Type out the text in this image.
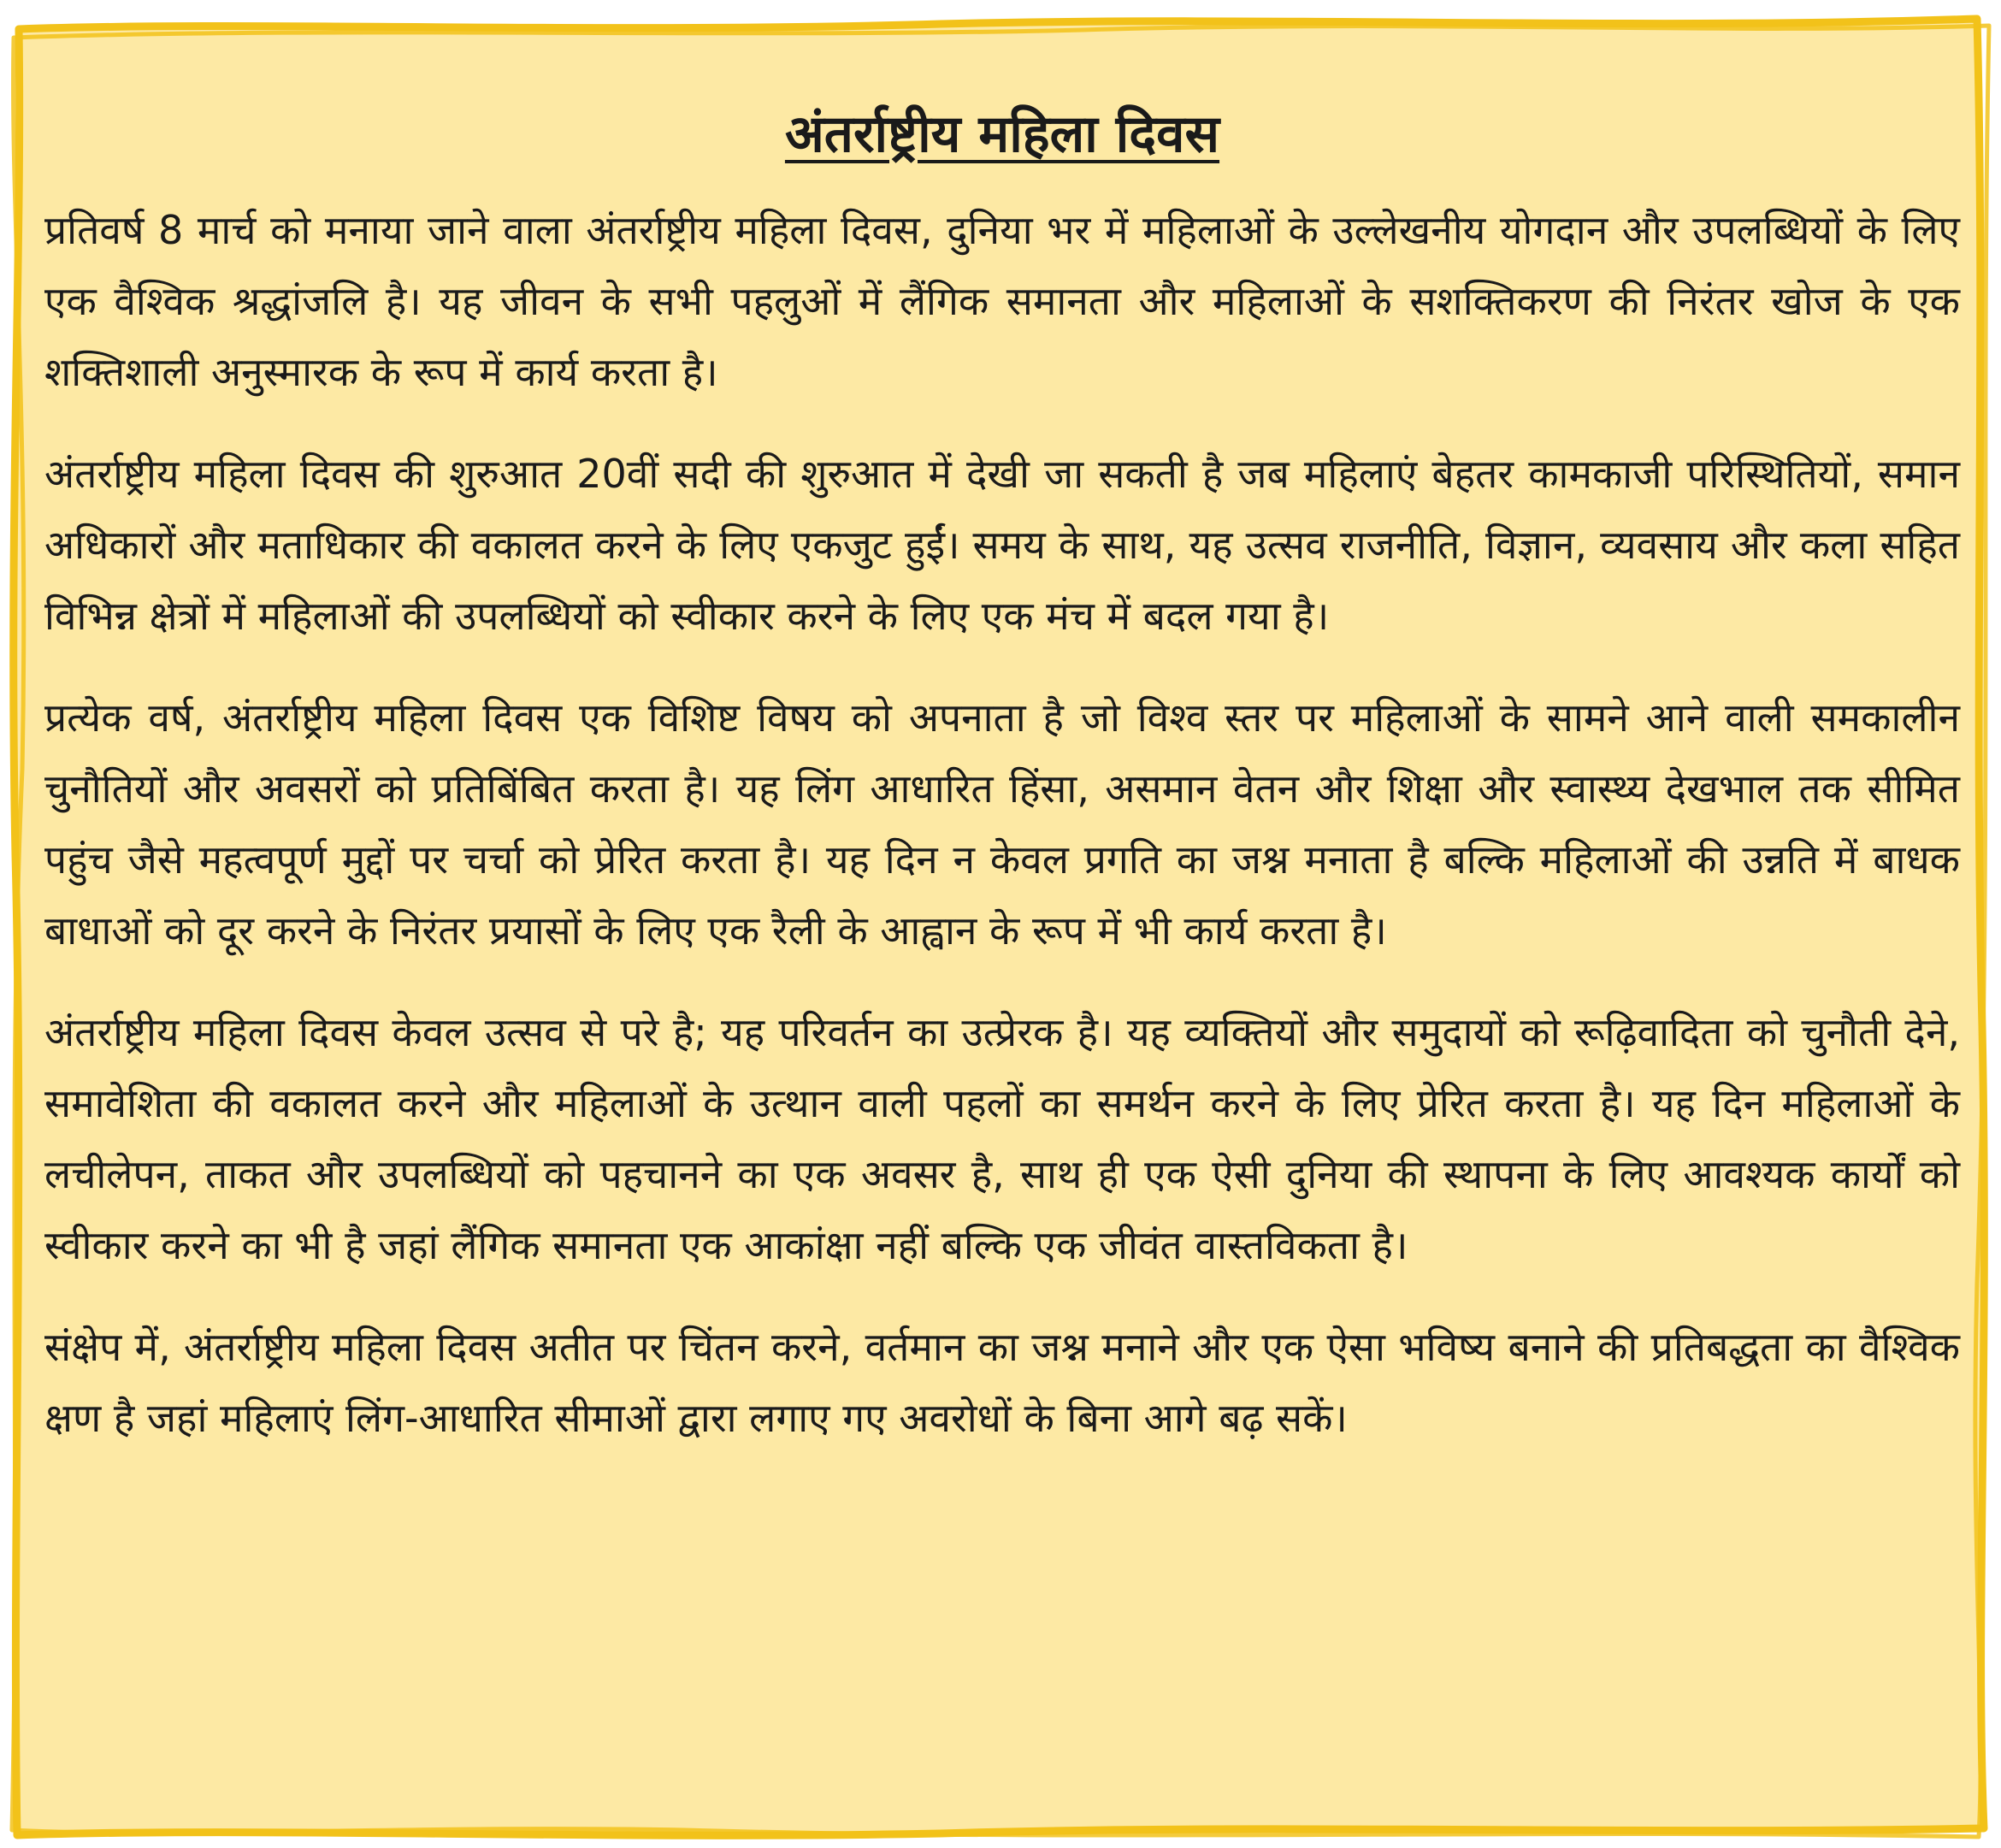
अंतर्राष्ट्रीय महिला दिवस

प्रतिवर्ष 8 मार्च को मनाया जाने वाला अंतर्राष्ट्रीय महिला दिवस, दुनिया भर में महिलाओं के उल्लेखनीय योगदान और उपलब्धियों के लिए एक वैश्विक श्रद्धांजलि है। यह जीवन के सभी पहलुओं में लैंगिक समानता और महिलाओं के सशक्तिकरण की निरंतर खोज के एक शक्तिशाली अनुस्मारक के रूप में कार्य करता है।

अंतर्राष्ट्रीय महिला दिवस की शुरुआत 20वीं सदी की शुरुआत में देखी जा सकती है जब महिलाएं बेहतर कामकाजी परिस्थितियों, समान अधिकारों और मताधिकार की वकालत करने के लिए एकजुट हुईं। समय के साथ, यह उत्सव राजनीति, विज्ञान, व्यवसाय और कला सहित विभिन्न क्षेत्रों में महिलाओं की उपलब्धियों को स्वीकार करने के लिए एक मंच में बदल गया है।

प्रत्येक वर्ष, अंतर्राष्ट्रीय महिला दिवस एक विशिष्ट विषय को अपनाता है जो विश्व स्तर पर महिलाओं के सामने आने वाली समकालीन चुनौतियों और अवसरों को प्रतिबिंबित करता है। यह लिंग आधारित हिंसा, असमान वेतन और शिक्षा और स्वास्थ्य देखभाल तक सीमित पहुंच जैसे महत्वपूर्ण मुद्दों पर चर्चा को प्रेरित करता है। यह दिन न केवल प्रगति का जश्न मनाता है बल्कि महिलाओं की उन्नति में बाधक बाधाओं को दूर करने के निरंतर प्रयासों के लिए एक रैली के आह्वान के रूप में भी कार्य करता है।

अंतर्राष्ट्रीय महिला दिवस केवल उत्सव से परे है; यह परिवर्तन का उत्प्रेरक है। यह व्यक्तियों और समुदायों को रूढ़िवादिता को चुनौती देने, समावेशिता की वकालत करने और महिलाओं के उत्थान वाली पहलों का समर्थन करने के लिए प्रेरित करता है। यह दिन महिलाओं के लचीलेपन, ताकत और उपलब्धियों को पहचानने का एक अवसर है, साथ ही एक ऐसी दुनिया की स्थापना के लिए आवश्यक कार्यों को स्वीकार करने का भी है जहां लैंगिक समानता एक आकांक्षा नहीं बल्कि एक जीवंत वास्तविकता है।

संक्षेप में, अंतर्राष्ट्रीय महिला दिवस अतीत पर चिंतन करने, वर्तमान का जश्न मनाने और एक ऐसा भविष्य बनाने की प्रतिबद्धता का वैश्विक क्षण है जहां महिलाएं लिंग-आधारित सीमाओं द्वारा लगाए गए अवरोधों के बिना आगे बढ़ सकें।
